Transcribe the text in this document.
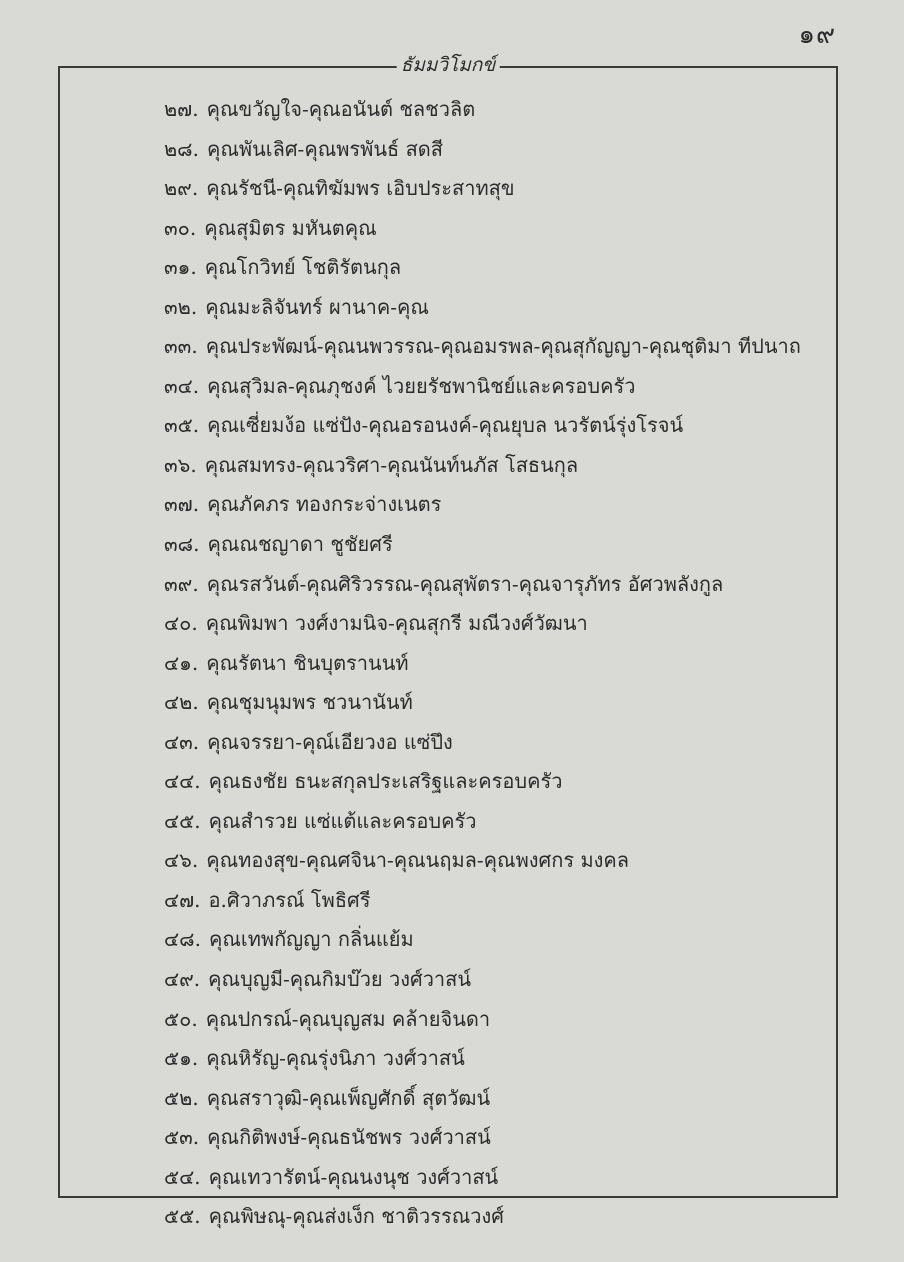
๑๙
ธัมมวิโมกข์
๒๗. คุณขวัญใจ-คุณอนันต์ ชลชวลิต
๒๘. คุณพันเลิศ-คุณพรพันธ์ สดสี
๒๙. คุณรัชนี-คุณทิฆัมพร เอิบประสาทสุข
๓๐. คุณสุมิตร มหันตคุณ
๓๑. คุณโกวิทย์ โชติรัตนกุล
๓๒. คุณมะลิจันทร์ ผานาค-คุณ
๓๓. คุณประพัฒน์-คุณนพวรรณ-คุณอมรพล-คุณสุกัญญา-คุณชุติมา ทีปนาถ
๓๔. คุณสุวิมล-คุณภุชงค์ ไวยยรัชพานิชย์และครอบครัว
๓๕. คุณเซี่ยมง้อ แซ่ปัง-คุณอรอนงค์-คุณยุบล นวรัตน์รุ่งโรจน์
๓๖. คุณสมทรง-คุณวริศา-คุณนันท์นภัส โสธนกุล
๓๗. คุณภัคภร ทองกระจ่างเนตร
๓๘. คุณณชญาดา ชูชัยศรี
๓๙. คุณรสวันต์-คุณศิริวรรณ-คุณสุพัตรา-คุณจารุภัทร อัศวพลังกูล
๔๐. คุณพิมพา วงศ์งามนิจ-คุณสุกรี มณีวงศ์วัฒนา
๔๑. คุณรัตนา ชินบุตรานนท์
๔๒. คุณชุมนุมพร ชวนานันท์
๔๓. คุณจรรยา-คุณ์เอียวงอ แซ่ปึง
๔๔. คุณธงชัย ธนะสกุลประเสริฐและครอบครัว
๔๕. คุณสำรวย แซ่แต้และครอบครัว
๔๖. คุณทองสุข-คุณศจินา-คุณนฤมล-คุณพงศกร มงคล
๔๗. อ.ศิวาภรณ์ โพธิศรี
๔๘. คุณเทพกัญญา กลิ่นแย้ม
๔๙. คุณบุญมี-คุณกิมบ๊วย วงศ์วาสน์
๕๐. คุณปกรณ์-คุณบุญสม คล้ายจินดา
๕๑. คุณหิรัญ-คุณรุ่งนิภา วงศ์วาสน์
๕๒. คุณสราวุฒิ-คุณเพ็ญศักดิ์ สุตวัฒน์
๕๓. คุณกิติพงษ์-คุณธนัชพร วงศ์วาสน์
๕๔. คุณเทวารัตน์-คุณนงนุช วงศ์วาสน์
๕๕. คุณพิษณุ-คุณส่งเง็ก ชาติวรรณวงศ์
